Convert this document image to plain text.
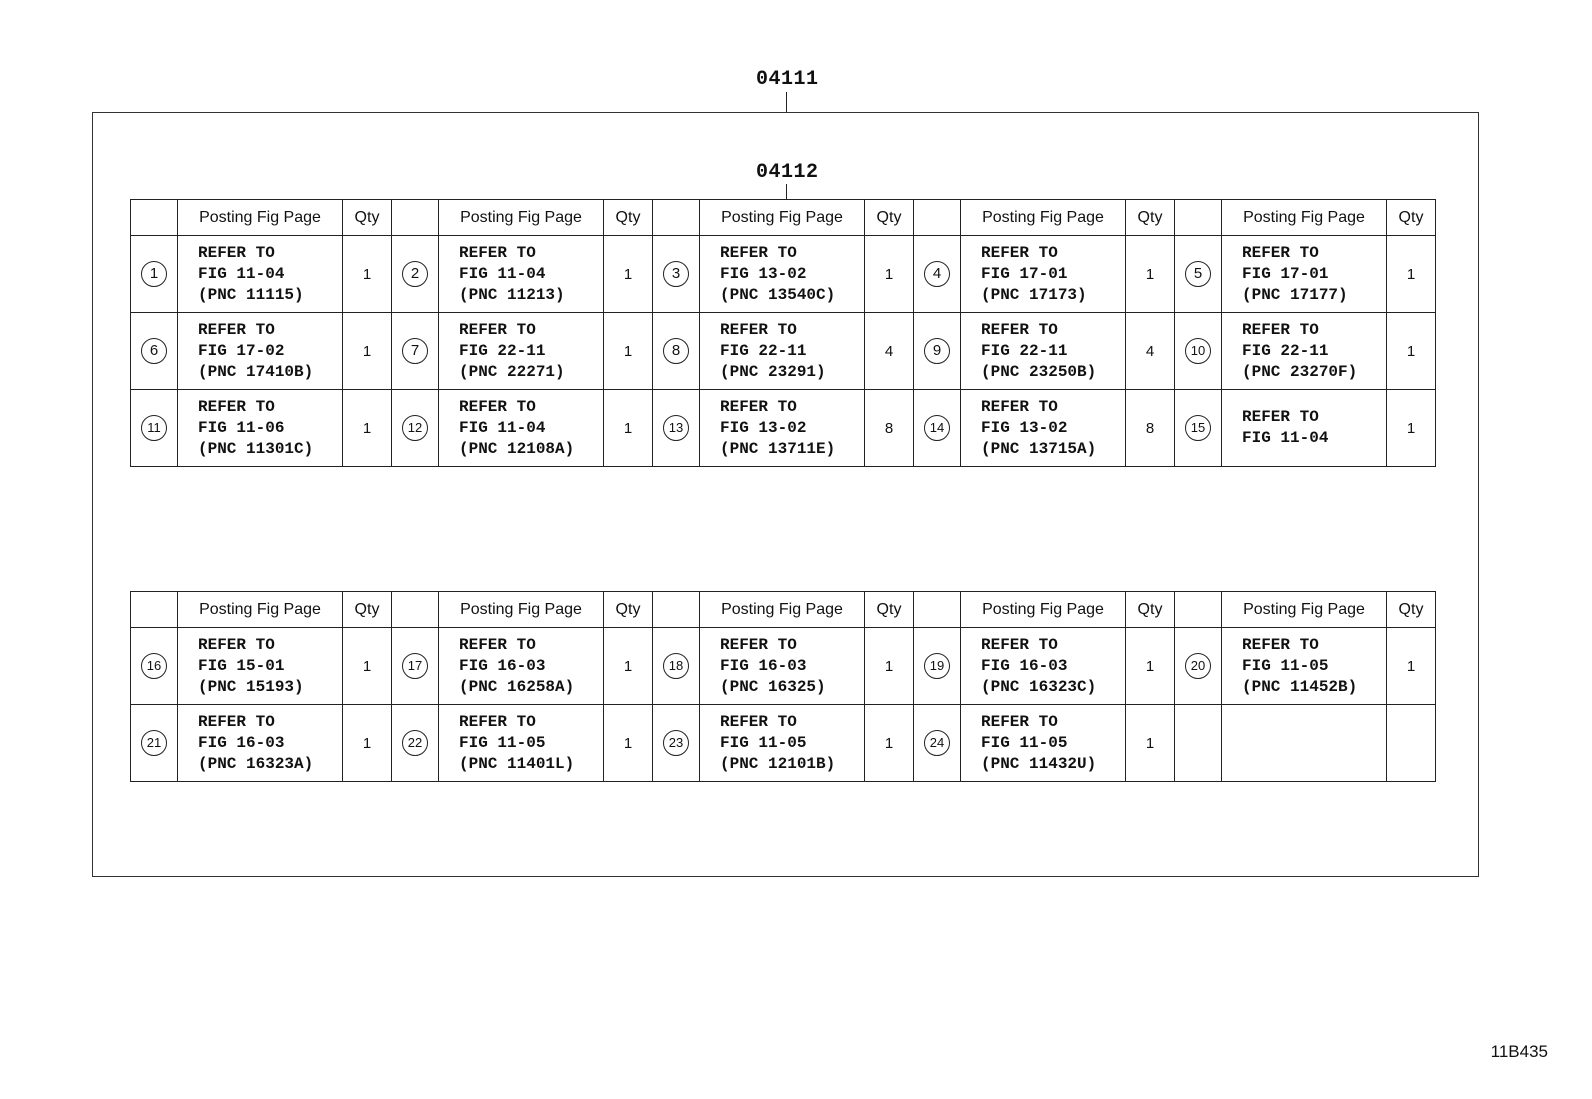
04111
04112
	Posting Fig Page	Qty		Posting Fig Page	Qty		Posting Fig Page	Qty		Posting Fig Page	Qty		Posting Fig Page	Qty
1	REFER TO
FIG 11-04
(PNC 11115)	1	2	REFER TO
FIG 11-04
(PNC 11213)	1	3	REFER TO
FIG 13-02
(PNC 13540C)	1	4	REFER TO
FIG 17-01
(PNC 17173)	1	5	REFER TO
FIG 17-01
(PNC 17177)	1
6	REFER TO
FIG 17-02
(PNC 17410B)	1	7	REFER TO
FIG 22-11
(PNC 22271)	1	8	REFER TO
FIG 22-11
(PNC 23291)	4	9	REFER TO
FIG 22-11
(PNC 23250B)	4	10	REFER TO
FIG 22-11
(PNC 23270F)	1
11	REFER TO
FIG 11-06
(PNC 11301C)	1	12	REFER TO
FIG 11-04
(PNC 12108A)	1	13	REFER TO
FIG 13-02
(PNC 13711E)	8	14	REFER TO
FIG 13-02
(PNC 13715A)	8	15	REFER TO
FIG 11-04	1
	Posting Fig Page	Qty		Posting Fig Page	Qty		Posting Fig Page	Qty		Posting Fig Page	Qty		Posting Fig Page	Qty
16	REFER TO
FIG 15-01
(PNC 15193)	1	17	REFER TO
FIG 16-03
(PNC 16258A)	1	18	REFER TO
FIG 16-03
(PNC 16325)	1	19	REFER TO
FIG 16-03
(PNC 16323C)	1	20	REFER TO
FIG 11-05
(PNC 11452B)	1
21	REFER TO
FIG 16-03
(PNC 16323A)	1	22	REFER TO
FIG 11-05
(PNC 11401L)	1	23	REFER TO
FIG 11-05
(PNC 12101B)	1	24	REFER TO
FIG 11-05
(PNC 11432U)	1			
11B435
